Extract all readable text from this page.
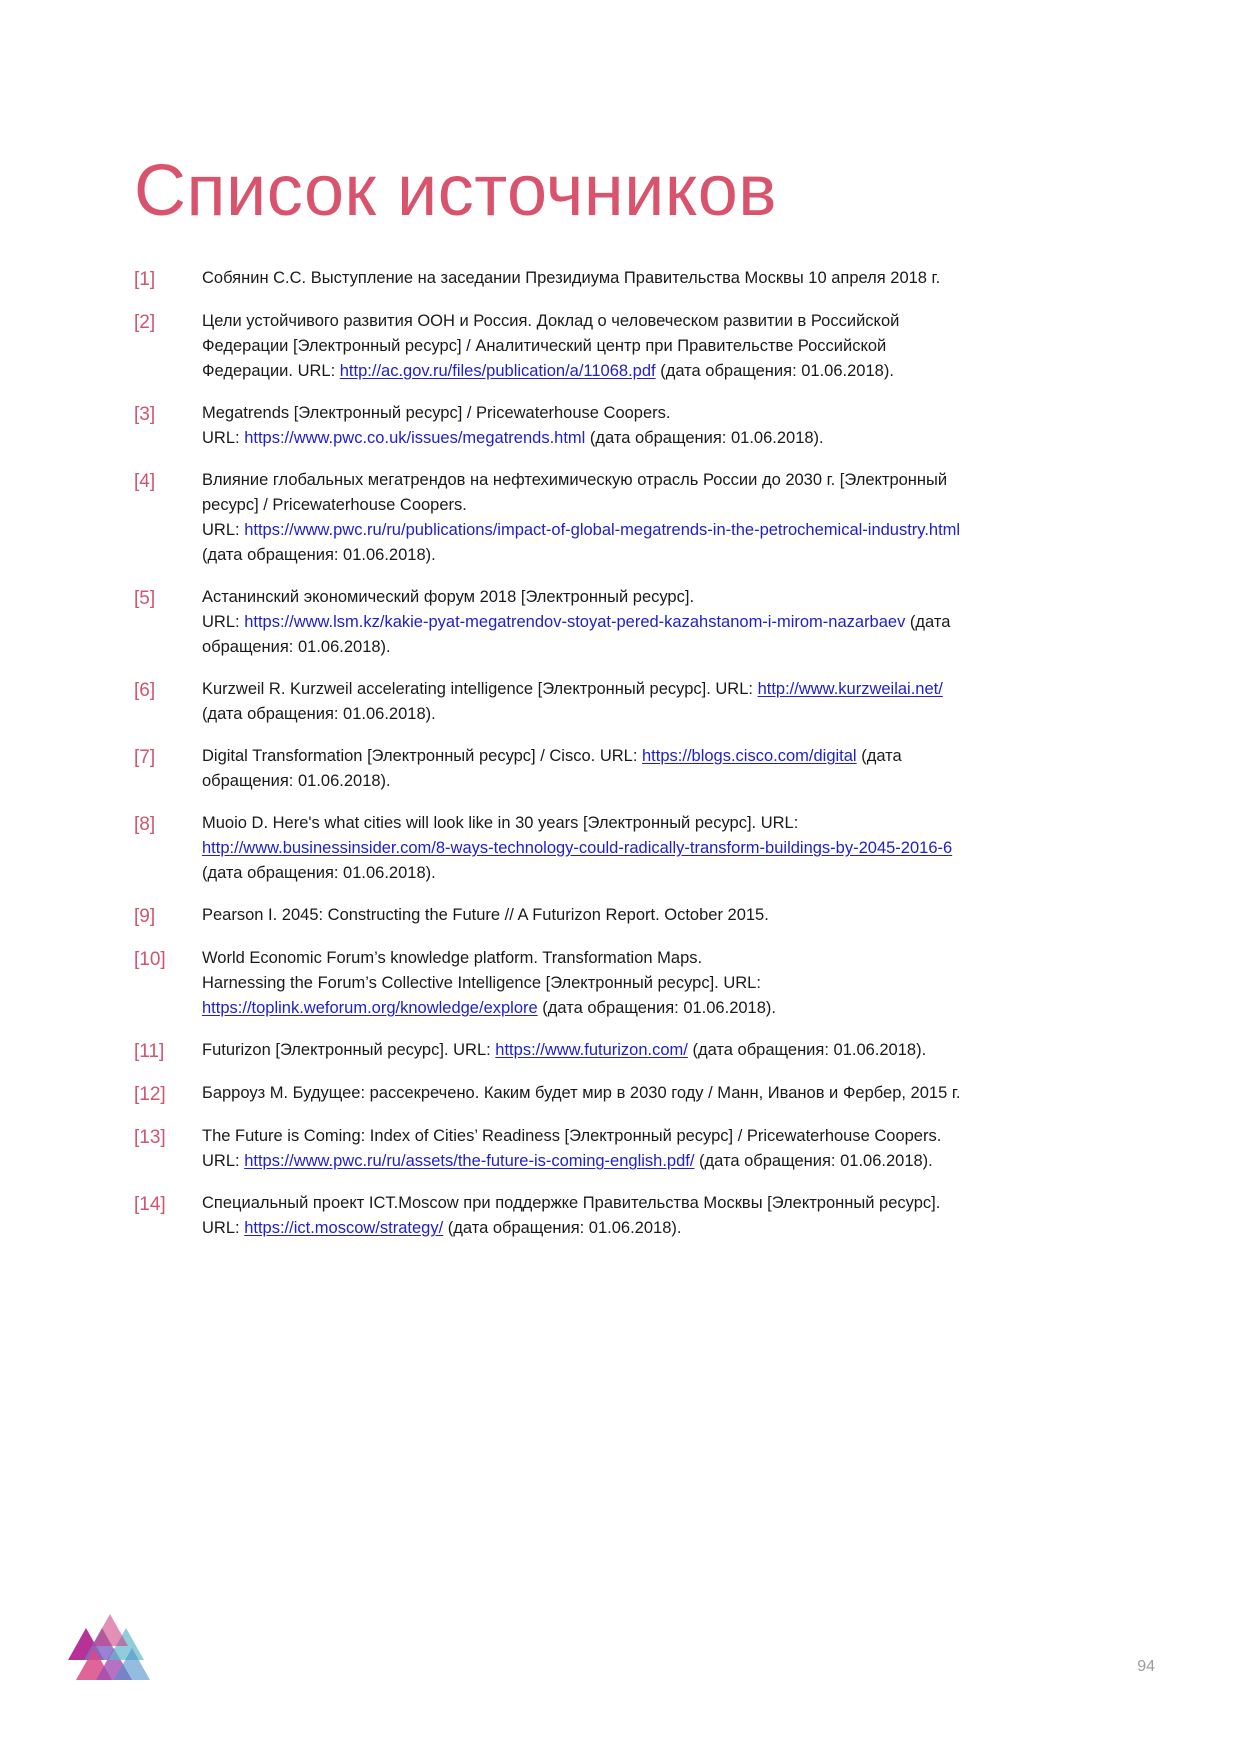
Список источников
[1]	Собянин С.С. Выступление на заседании Президиума Правительства Москвы 10 апреля 2018 г.
[2]	Цели устойчивого развития ООН и Россия. Доклад о человеческом развитии в Российской Федерации [Электронный ресурс] / Аналитический центр при Правительстве Российской Федерации. URL: http://ac.gov.ru/files/publication/a/11068.pdf (дата обращения: 01.06.2018).
[3]	Megatrends [Электронный ресурс] / Pricewaterhouse Coopers.
URL: https://www.pwc.co.uk/issues/megatrends.html (дата обращения: 01.06.2018).
[4]	Влияние глобальных мегатрендов на нефтехимическую отрасль России до 2030 г. [Электронный ресурс] / Pricewaterhouse Coopers.
URL: https://www.pwc.ru/ru/publications/impact-of-global-megatrends-in-the-petrochemical-industry.html (дата обращения: 01.06.2018).
[5]	Астанинский экономический форум 2018 [Электронный ресурс].
URL: https://www.lsm.kz/kakie-pyat-megatrendov-stoyat-pered-kazahstanom-i-mirom-nazarbaev (дата обращения: 01.06.2018).
[6]	Kurzweil R. Kurzweil accelerating intelligence [Электронный ресурс]. URL: http://www.kurzweilai.net/ (дата обращения: 01.06.2018).
[7]	Digital Transformation [Электронный ресурс] / Cisco. URL: https://blogs.cisco.com/digital (дата обращения: 01.06.2018).
[8]	Muoio D. Here's what cities will look like in 30 years [Электронный ресурс]. URL: http://www.businessinsider.com/8-ways-technology-could-radically-transform-buildings-by-2045-2016-6 (дата обращения: 01.06.2018).
[9]	Pearson I. 2045: Constructing the Future // A Futurizon Report. October 2015.
[10]	World Economic Forum’s knowledge platform. Transformation Maps.
Harnessing the Forum’s Collective Intelligence [Электронный ресурс]. URL: https://toplink.weforum.org/knowledge/explore (дата обращения: 01.06.2018).
[11]	Futurizon [Электронный ресурс]. URL: https://www.futurizon.com/ (дата обращения: 01.06.2018).
[12]	Барроуз М. Будущее: рассекречено. Каким будет мир в 2030 году / Манн, Иванов и Фербер, 2015 г.
[13]	The Future is Coming: Index of Cities’ Readiness [Электронный ресурс] / Pricewaterhouse Coopers. URL: https://www.pwc.ru/ru/assets/the-future-is-coming-english.pdf/ (дата обращения: 01.06.2018).
[14]	Специальный проект ICT.Moscow при поддержке Правительства Москвы [Электронный ресурс]. URL: https://ict.moscow/strategy/ (дата обращения: 01.06.2018).
94
